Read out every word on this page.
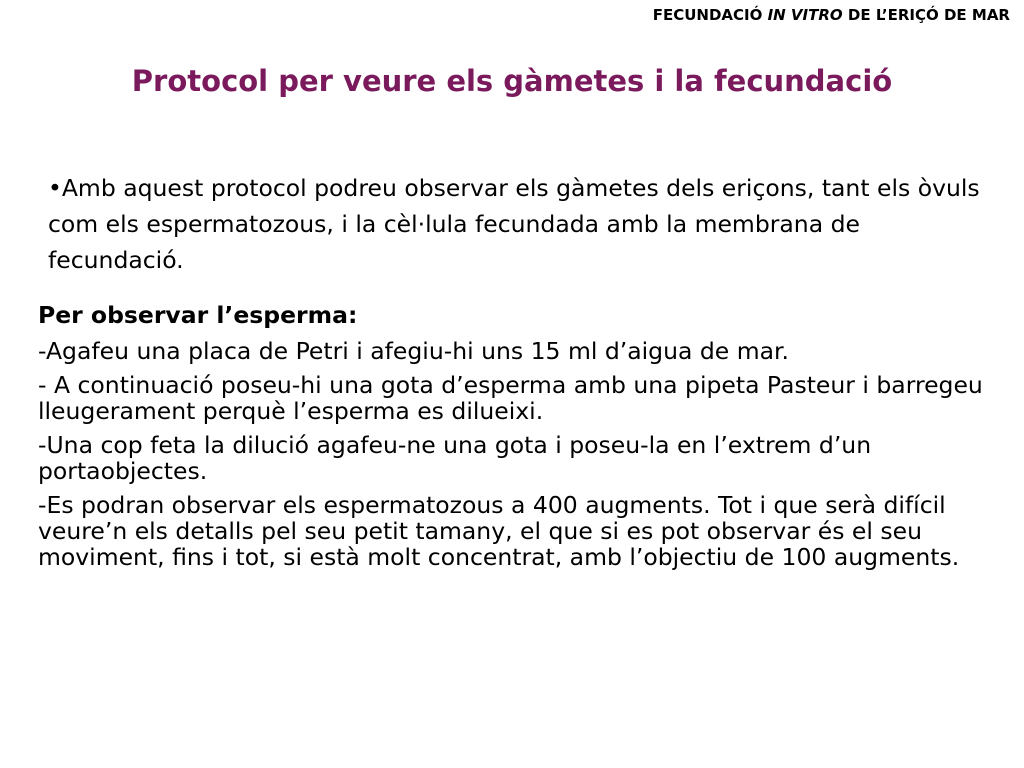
FECUNDACIÓ IN VITRO DE L’ERIÇÓ DE MAR
Protocol per veure els gàmetes i la fecundació

•Amb aquest protocol podreu observar els gàmetes dels eriçons, tant els òvuls com els espermatozous, i la cèl·lula fecundada amb la membrana de fecundació.

Per observar l’esperma:

-Agafeu una placa de Petri i afegiu-hi uns 15 ml d’aigua de mar.

- A continuació poseu-hi una gota d’esperma amb una pipeta Pasteur i barregeu lleugerament perquè l’esperma es dilueixi.

-Una cop feta la dilució agafeu-ne una gota i poseu-la en l’extrem d’un portaobjectes.

-Es podran observar els espermatozous a 400 augments. Tot i que serà difícil veure’n els detalls pel seu petit tamany, el que si es pot observar és el seu moviment, fins i tot, si està molt concentrat, amb l’objectiu de 100 augments.
